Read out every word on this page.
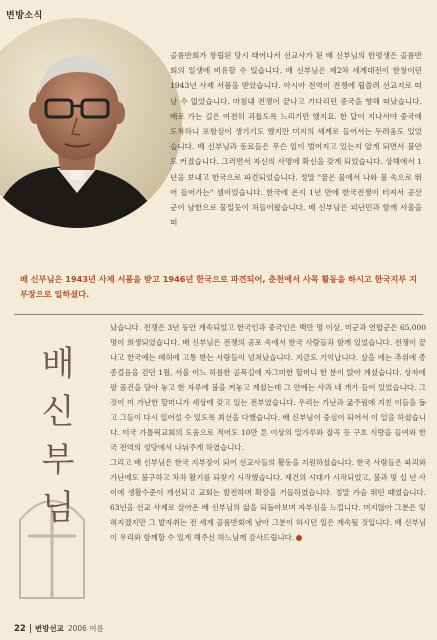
변방소식

골롬반회가 창립된 당시 태어나서 선교사가 된 배 신부님의 한평생은 골롬반회의 일생에 비유할 수 있습니다. 배 신부님은 제2차 세계대전이 한창이던 1943년 사제 서품을 받았습니다. 아시아 전역이 전쟁에 휩쓸려 선교지로 떠날 수 없었습니다. 마침내 전쟁이 끝나고 기다리던 중국을 향해 떠났습니다. 배로 가는 길은 여전히 괴롭도록 느리기만 했지요. 한 달이 지나서야 중국에 도착하니 포함심이 생기기도 했지만 미지의 세계로 들어서는 두려움도 있었습니다. 배 신부님과 동료들은 무슨 일이 벌어지고 있는지 알게 되면서 불안도 커졌습니다. 그러면서 자신의 사명에 확신을 갖게 되었습니다. 상해에서 1년을 보내고 한국으로 파견되었습니다. 정말 "꿈은 물에서 나와 불 속으로 뛰어 들어가는" 셈이었습니다. 한국에 온지 1년 만에 한국전쟁이 터져서 공산군이 남한으로 물밀듯이 쳐들어왔습니다. 배 신부님은 피난민과 함께 서울을 떠

배 신부님은 1943년 사제 서품을 받고 1946년 한국으로 파견되어, 춘천에서 사목 활동을 하시고 한국지부 지부장으로 일하셨다.

배
신
부
님

났습니다. 전쟁은 3년 동안 계속되었고 한국인과 중국인은 백만 명 이상, 미군과 연합군은 65,000명이 희생되었습니다. 배 신부님은 전쟁의 공포 속에서 한국 사람들과 함께 있었습니다. 전쟁이 끝나고 한국에는 폐허에 고통 받는 사람들이 넘쳐났습니다. 지금도 기억납니다. 살을 에는 추위에 종종걸음을 걷던 1월, 서울 어느 허름한 골목길에 자그마한 할머니 한 분이 앉아 계셨습니다. 상자에 팔 물건을 담아 놓고 한 자루에 불을 켜놓고 계셨는데 그 안에는 사과 네 개가 들어 있었습니다. 그것이 이 가난한 할머니가 세상에 갖고 있는 전부였습니다. 우리는 가난과 굶주림에 지친 이들을 돕고 그들이 다시 일어설 수 있도록 최선을 다했습니다. 배 신부님이 중심이 되어서 이 일을 하셨습니다. 미국 가톨릭교회의 도움으로 적어도 10만 톤 이상의 밀가루와 잡곡 등 구호 식량을 들여와 한국 전역의 성당에서 나눠주게 하였습니다.

그리고 배 신부님은 한국 지부장이 되어 선교사들의 활동을 지원하셨습니다. 한국 사람들은 파괴와 가난에도 불구하고 차차 활기를 되찾기 시작했습니다. 재건의 시대가 시작되었고, 불과 몇 십 년 사이에 생활수준이 개선되고 교회는 발전하며 확장을 거듭하였습니다. 정말 가슴 뛰던 때였습니다. 63년을 선교 사제로 살아온 배 신부님의 삶을 되돌아보며 자부심을 느낍니다. 머지않아 그분은 잊혀지겠지만 그 발자취는 전 세계 골롬반회에 남아 그분이 하시던 일은 계속될 것입니다. 배 신부님이 우리와 함께할 수 있게 해주신 하느님께 감사드립니다.

22 변방선교 2006 여름
